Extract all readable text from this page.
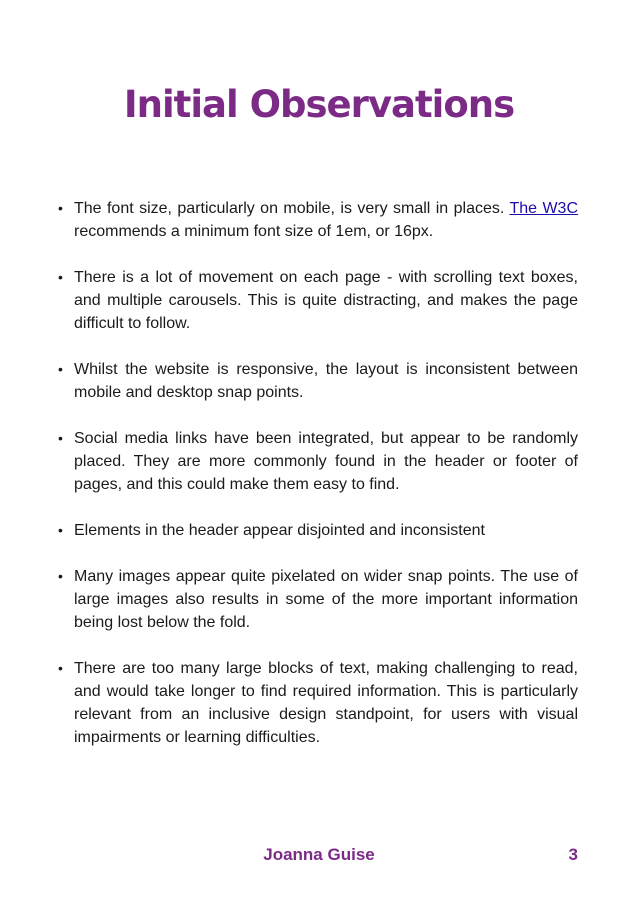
Initial Observations
• The font size, particularly on mobile, is very small in places. The W3C recommends a minimum font size of 1em, or 16px.
• There is a lot of movement on each page - with scrolling text boxes, and multiple carousels. This is quite distracting, and makes the page difficult to follow.
• Whilst the website is responsive, the layout is inconsistent between mobile and desktop snap points.
• Social media links have been integrated, but appear to be randomly placed. They are more commonly found in the header or footer of pages, and this could make them easy to find.
• Elements in the header appear disjointed and inconsistent
• Many images appear quite pixelated on wider snap points. The use of large images also results in some of the more important information being lost below the fold.
• There are too many large blocks of text, making challenging to read, and would take longer to find required information. This is particularly relevant from an inclusive design standpoint, for users with visual impairments or learning difficulties.
Joanna Guise	3
